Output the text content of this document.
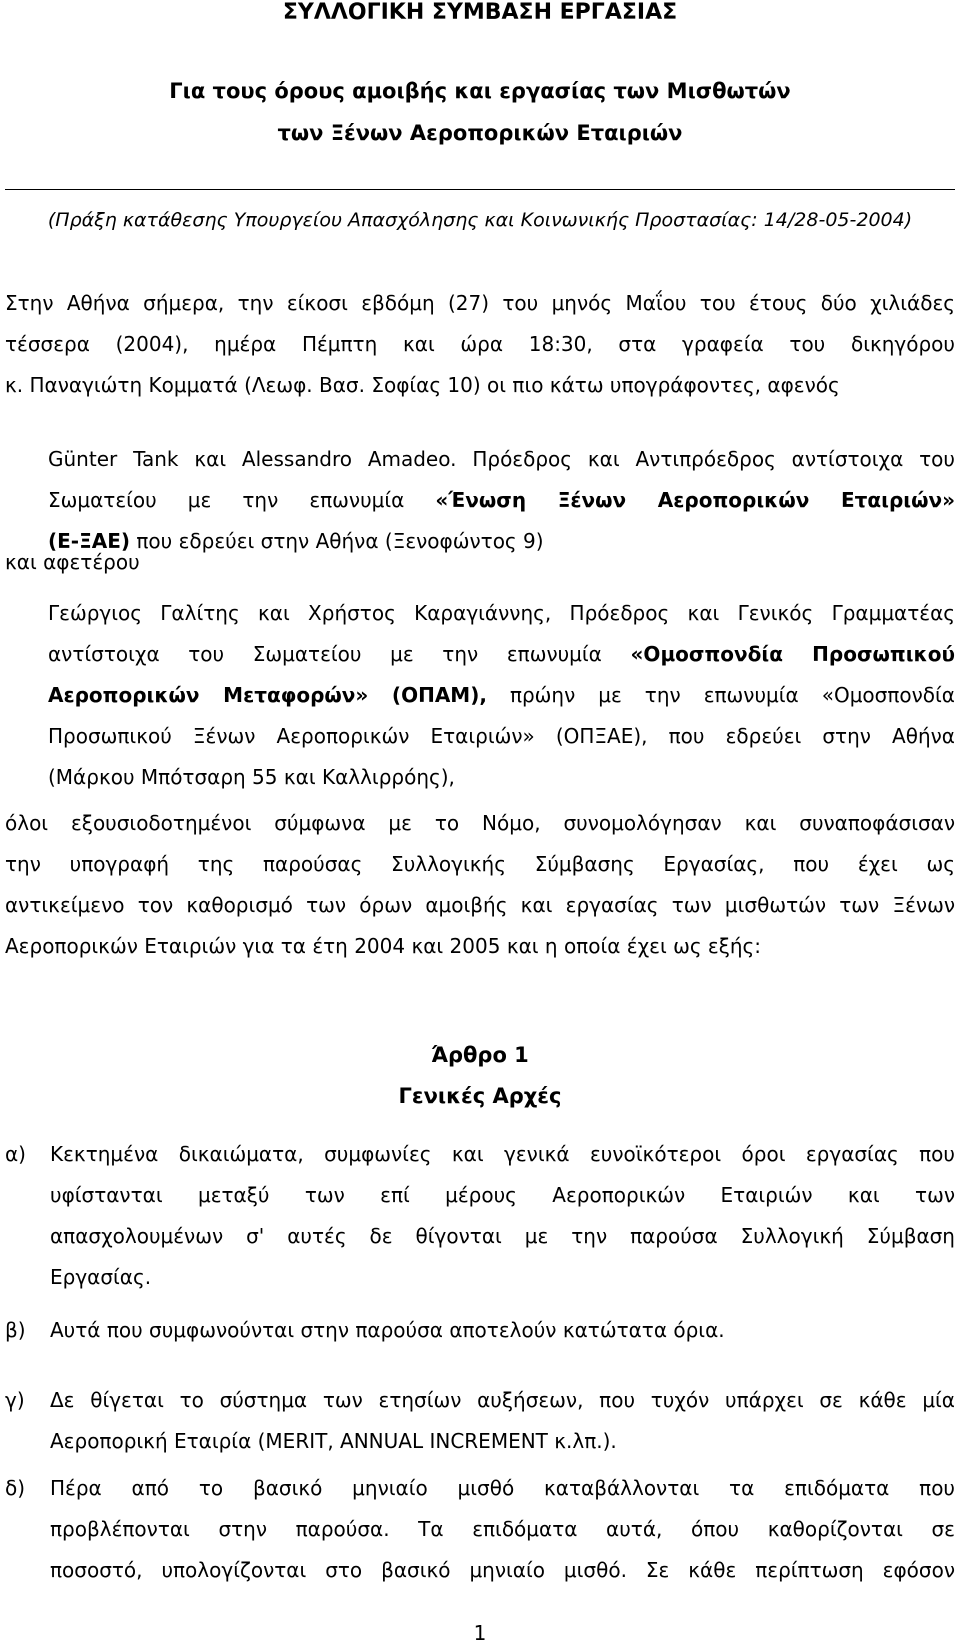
ΣΥΛΛΟΓΙΚΗ ΣΥΜΒΑΣΗ ΕΡΓΑΣΙΑΣ
Για τους όρους αμοιβής και εργασίας των Μισθωτών
των Ξένων Αεροπορικών Εταιριών
(Πράξη κατάθεσης Υπουργείου Απασχόλησης και Κοινωνικής Προστασίας: 14/28-05-2004)
Στην Αθήνα σήμερα, την είκοσι εβδόμη (27) του μηνός Μαΐου του έτους δύο χιλιάδες
τέσσερα (2004), ημέρα Πέμπτη και ώρα 18:30, στα γραφεία του δικηγόρου
κ. Παναγιώτη Κομματά (Λεωφ. Βασ. Σοφίας 10) οι πιο κάτω υπογράφοντες, αφενός
Günter Tank και Alessandro Amadeo. Πρόεδρος και Αντιπρόεδρος αντίστοιχα του
Σωματείου με την επωνυμία «Ένωση Ξένων Αεροπορικών Εταιριών»
(Ε-ΞΑΕ) που εδρεύει στην Αθήνα (Ξενοφώντος 9)
και αφετέρου
Γεώργιος Γαλίτης και Χρήστος Καραγιάννης, Πρόεδρος και Γενικός Γραμματέας
αντίστοιχα του Σωματείου με την επωνυμία «Ομοσπονδία Προσωπικού
Αεροπορικών Μεταφορών» (ΟΠΑΜ), πρώην με την επωνυμία «Ομοσπονδία
Προσωπικού Ξένων Αεροπορικών Εταιριών» (ΟΠΞΑΕ), που εδρεύει στην Αθήνα
(Μάρκου Μπότσαρη 55 και Καλλιρρόης),
όλοι εξουσιοδοτημένοι σύμφωνα με το Νόμο, συνομολόγησαν και συναποφάσισαν
την υπογραφή της παρούσας Συλλογικής Σύμβασης Εργασίας, που έχει ως
αντικείμενο τον καθορισμό των όρων αμοιβής και εργασίας των μισθωτών των Ξένων
Αεροπορικών Εταιριών για τα έτη 2004 και 2005 και η οποία έχει ως εξής:
Άρθρο 1
Γενικές Αρχές
α) Κεκτημένα δικαιώματα, συμφωνίες και γενικά ευνοϊκότεροι όροι εργασίας που
υφίστανται μεταξύ των επί μέρους Αεροπορικών Εταιριών και των
απασχολουμένων σ' αυτές δε θίγονται με την παρούσα Συλλογική Σύμβαση
Εργασίας.
β) Αυτά που συμφωνούνται στην παρούσα αποτελούν κατώτατα όρια.
γ) Δε θίγεται το σύστημα των ετησίων αυξήσεων, που τυχόν υπάρχει σε κάθε μία
Αεροπορική Εταιρία (MERIT, ANNUAL INCREMENT κ.λπ.).
δ) Πέρα από το βασικό μηνιαίο μισθό καταβάλλονται τα επιδόματα που
προβλέπονται στην παρούσα. Τα επιδόματα αυτά, όπου καθορίζονται σε
ποσοστό, υπολογίζονται στο βασικό μηνιαίο μισθό. Σε κάθε περίπτωση εφόσον
1
